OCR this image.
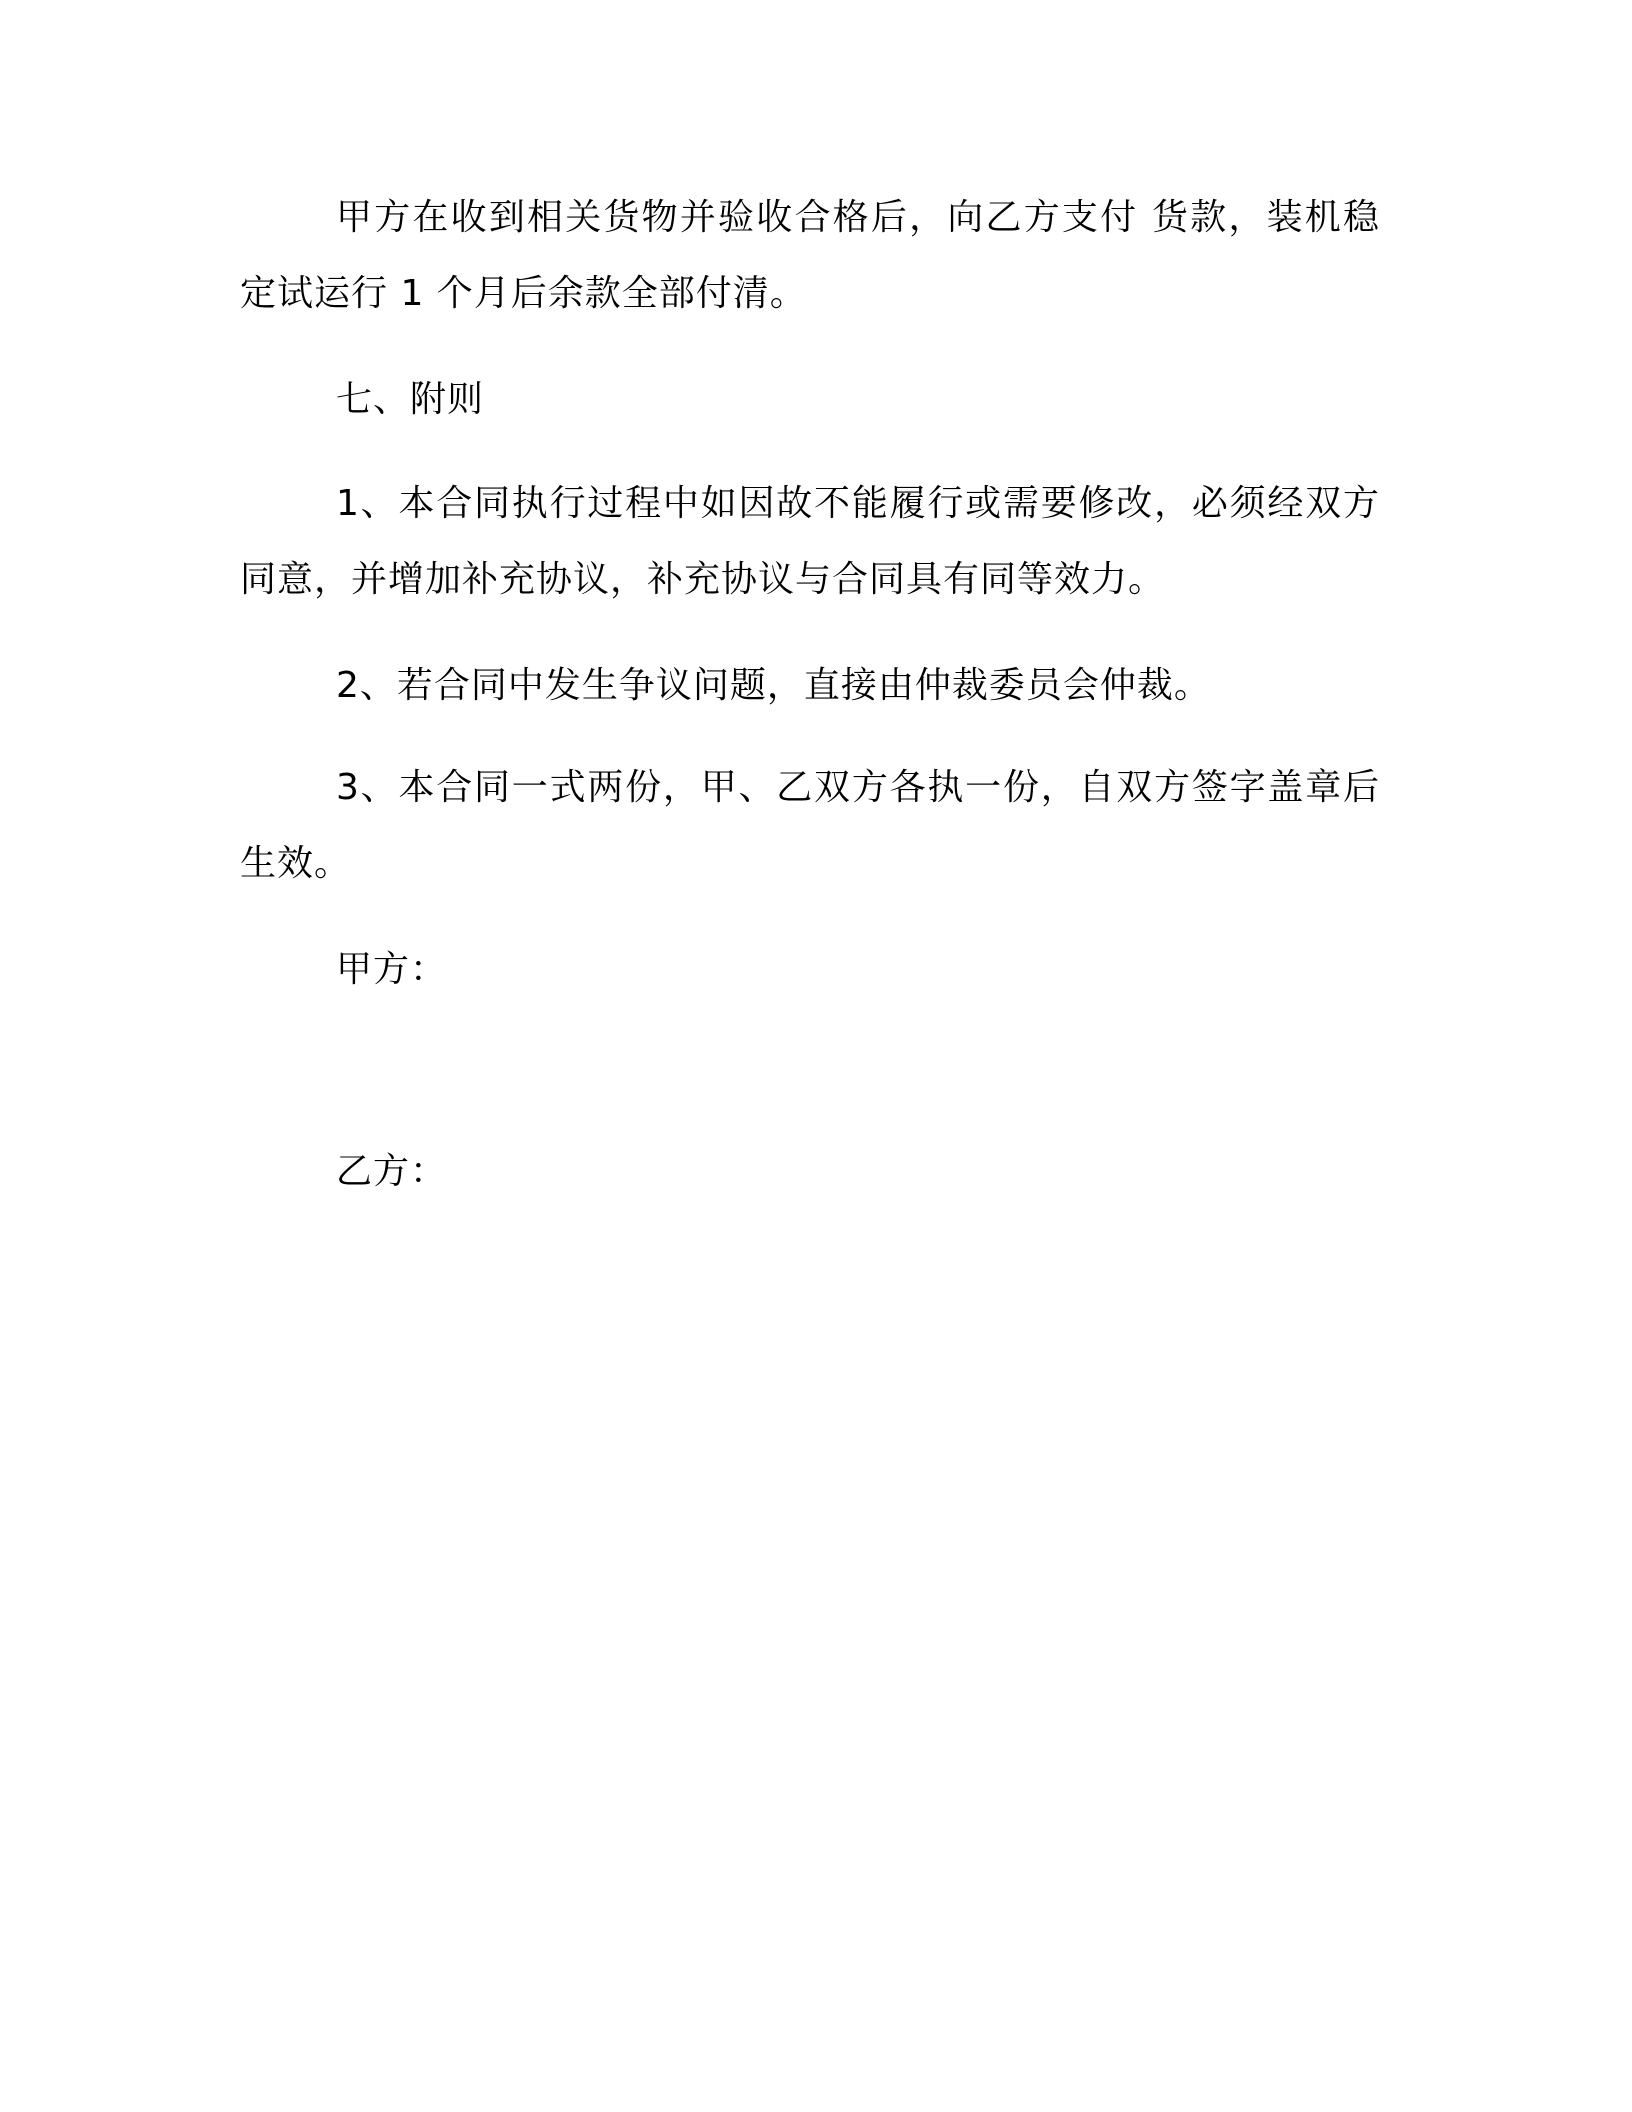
甲方在收到相关货物并验收合格后，向乙方支付 货款，装机稳定试运行 1 个月后余款全部付清。
七、附则
1、本合同执行过程中如因故不能履行或需要修改，必须经双方同意，并增加补充协议，补充协议与合同具有同等效力。
2、若合同中发生争议问题，直接由仲裁委员会仲裁。
3、本合同一式两份，甲、乙双方各执一份，自双方签字盖章后生效。
甲方：
乙方：
